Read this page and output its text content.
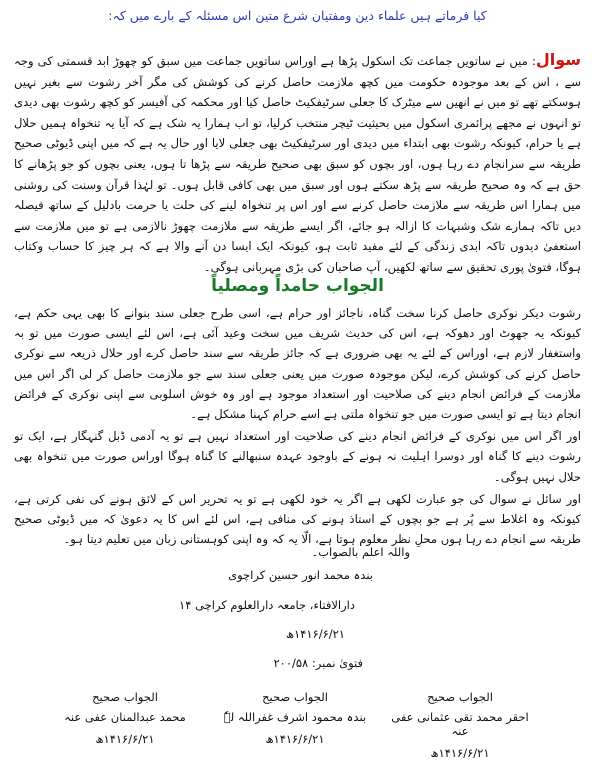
کیا فرماتے ہیں علماء دین ومفتیان شرع متین اس مسئلہ کے بارے میں کہ:
سوال: میں نے ساتویں جماعت تک اسکول پڑھا ہے اوراس ساتویں جماعت میں سبق کو چھوڑ ابد قسمتی کی وجہ سے ، اس کے بعد موجودہ حکومت میں کچھ ملازمت حاصل کرنے کی کوشش کی مگر آخر رشوت سے بغیر نہیں ہوسکتے تھے تو میں نے انھیں سے میٹرک کا جعلی سرٹیفکیٹ حاصل کیا اور محکمہ کی آفیسر کو کچھ رشوت بھی دیدی تو انہوں نے مجھے پرائمری اسکول میں بحیثیت ٹیچر منتخب کرلیا، تو اب ہمارا یہ شک ہے کہ آیا یہ تنخواہ ہمیں حلال ہے یا حرام، کیونکہ رشوت بھی ابتداء میں دیدی اور سرٹیفکیٹ بھی جعلی لایا اور حال یہ ہے کہ میں اپنی ڈیوٹی صحیح طریقہ سے سرانجام دے رہا ہوں، اور بچوں کو سبق بھی صحیح طریقہ سے پڑھا تا ہوں، یعنی بچوں کو جو پڑھانے کا حق ہے کہ وہ صحیح طریقہ سے پڑھ سکتے ہوں اور سبق میں بھی کافی قابل ہوں۔ تو لہٰذا قرآن وسنت کی روشنی میں ہمارا اس طریقہ سے ملازمت حاصل کرنے سے اور اس پر تنخواہ لینے کی حلت یا حرمت بادلیل کے ساتھ فیصلہ دیں تاکہ ہمارے شک وشبہات کا ازالہ ہو جائے، اگر ایسے طریقہ سے ملازمت چھوڑ نالازمی ہے تو میں ملازمت سے استعفیٰ دیدوں تاکہ ابدی زندگی کے لئے مفید ثابت ہو، کیونکہ ایک ایسا دن آنے والا ہے کہ ہر چیز کا حساب وکتاب ہوگا، فتویٰ پوری تحقیق سے ساتھ لکھیں، آپ صاحبان کی بڑی مہربانی ہوگی۔
الجواب حامداً ومصلیاً

رشوت دیکر نوکری حاصل کرنا سخت گناہ، ناجائز اور حرام ہے، اسی طرح جعلی سند بنوانے کا بھی یہی حکم ہے، کیونکہ یہ جھوٹ اور دھوکہ ہے، اس کی حدیث شریف میں سخت وعید آئی ہے، اس لئے ایسی صورت میں تو بہ واستغفار لازم ہے، اوراس کے لئے یہ بھی ضروری ہے کہ جائز طریقہ سے سند حاصل کرے اور حلال ذریعہ سے نوکری حاصل کرنے کی کوشش کرے، لیکن موجودہ صورت میں یعنی جعلی سند سے جو ملازمت حاصل کر لی اگر اس میں ملازمت کے فرائض انجام دینے کی صلاحیت اور استعداد موجود ہے اور وہ خوش اسلوبی سے اپنی نوکری کے فرائض انجام دیتا ہے تو ایسی صورت میں جو تنخواہ ملتی ہے اسے حرام کہنا مشکل ہے۔

اور اگر اس میں نوکری کے فرائض انجام دینے کی صلاحیت اور استعداد نہیں ہے تو یہ آدمی ڈبل گنہگار ہے، ایک تو رشوت دینے کا گناہ اور دوسرا اہلیت نہ ہونے کے باوجود عہدہ سنبھالنے کا گناہ ہوگا اوراس صورت میں تنخواہ بھی حلال نہیں ہوگی۔

اور سائل نے سوال کی جو عبارت لکھی ہے اگر یہ خود لکھی ہے تو یہ تحریر اس کے لائق ہونے کی نفی کرتی ہے، کیونکہ وہ اغلاط سے پُر ہے جو بچوں کے استاذ ہونے کی منافی ہے، اس لئے اس کا یہ دعویٰ کہ میں ڈیوٹی صحیح طریقہ سے انجام دے رہا ہوں محلِ نظر معلوم ہوتا ہے، الّا یہ کہ وہ اپنی کوہستانی زبان میں تعلیم دیتا ہو۔

واللہ اعلم بالصواب۔
بندہ محمد انور حسین کراچوی
دارالافتاء، جامعہ دارالعلوم کراچی ۱۴
۱۴۱۶/۶/۲۱ھ
فتویٰ نمبر: ۲۰۰/۵۸
الجواب صحیح
محمد عبدالمنان عفی عنہ
۱۴۱۶/۶/۲۱ھ
الجواب صحیح
بندہ محمود اشرف غفراللہ لہٗ
۱۴۱۶/۶/۲۱ھ
الجواب صحیح
احقر محمد تقی عثمانی عفی عنہ
۱۴۱۶/۶/۲۱ھ
